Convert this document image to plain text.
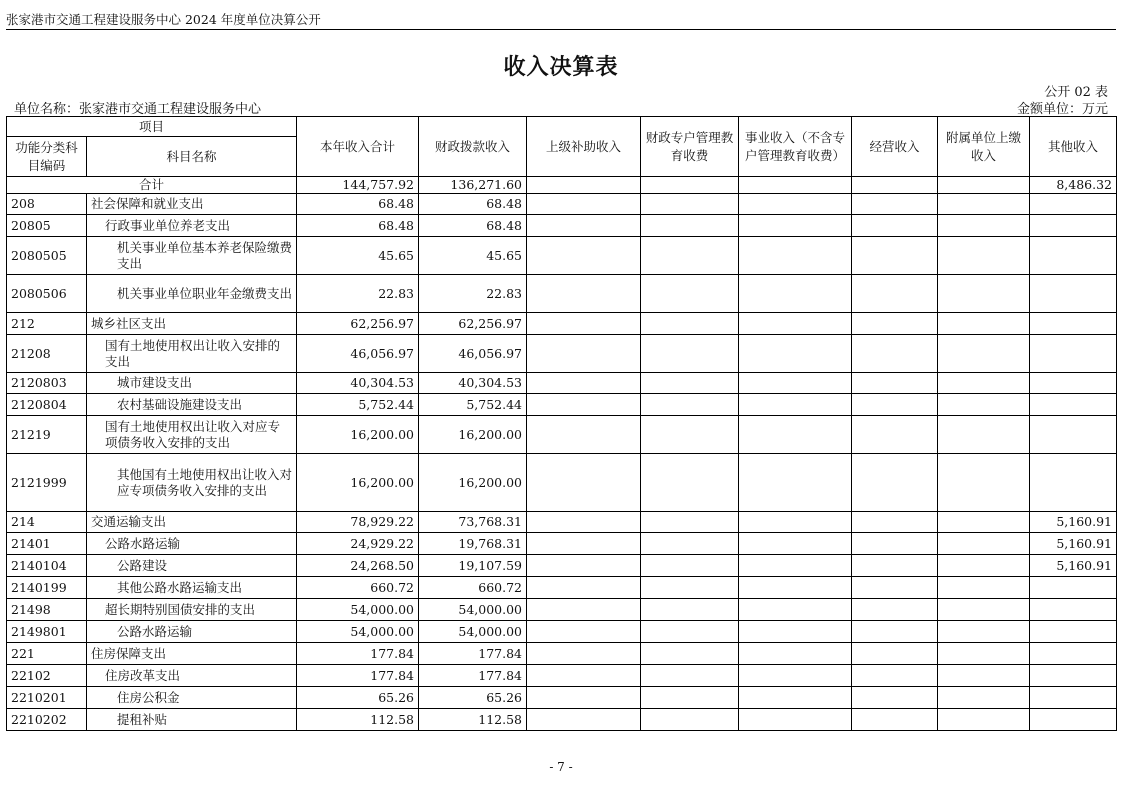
张家港市交通工程建设服务中心 2024 年度单位决算公开
收入决算表
公开 02 表
单位名称：张家港市交通工程建设服务中心	金额单位：万元
项目		本年收入合计	财政拨款收入	上级补助收入	财政专户管理教育收费	事业收入（不含专户管理教育收费）	经营收入	附属单位上缴收入	其他收入
功能分类科目编码	科目名称								
合计		144,757.92	136,271.60						8,486.32
208	社会保障和就业支出	68.48	68.48						
20805	行政事业单位养老支出	68.48	68.48						
2080505	机关事业单位基本养老保险缴费支出	45.65	45.65						
2080506	机关事业单位职业年金缴费支出	22.83	22.83						
212	城乡社区支出	62,256.97	62,256.97						
21208	国有土地使用权出让收入安排的支出	46,056.97	46,056.97						
2120803	城市建设支出	40,304.53	40,304.53						
2120804	农村基础设施建设支出	5,752.44	5,752.44						
21219	国有土地使用权出让收入对应专项债务收入安排的支出	16,200.00	16,200.00						
2121999	其他国有土地使用权出让收入对应专项债务收入安排的支出	16,200.00	16,200.00						
214	交通运输支出	78,929.22	73,768.31						5,160.91
21401	公路水路运输	24,929.22	19,768.31						5,160.91
2140104	公路建设	24,268.50	19,107.59						5,160.91
2140199	其他公路水路运输支出	660.72	660.72						
21498	超长期特别国债安排的支出	54,000.00	54,000.00						
2149801	公路水路运输	54,000.00	54,000.00						
221	住房保障支出	177.84	177.84						
22102	住房改革支出	177.84	177.84						
2210201	住房公积金	65.26	65.26						
2210202	提租补贴	112.58	112.58						
- 7 -
